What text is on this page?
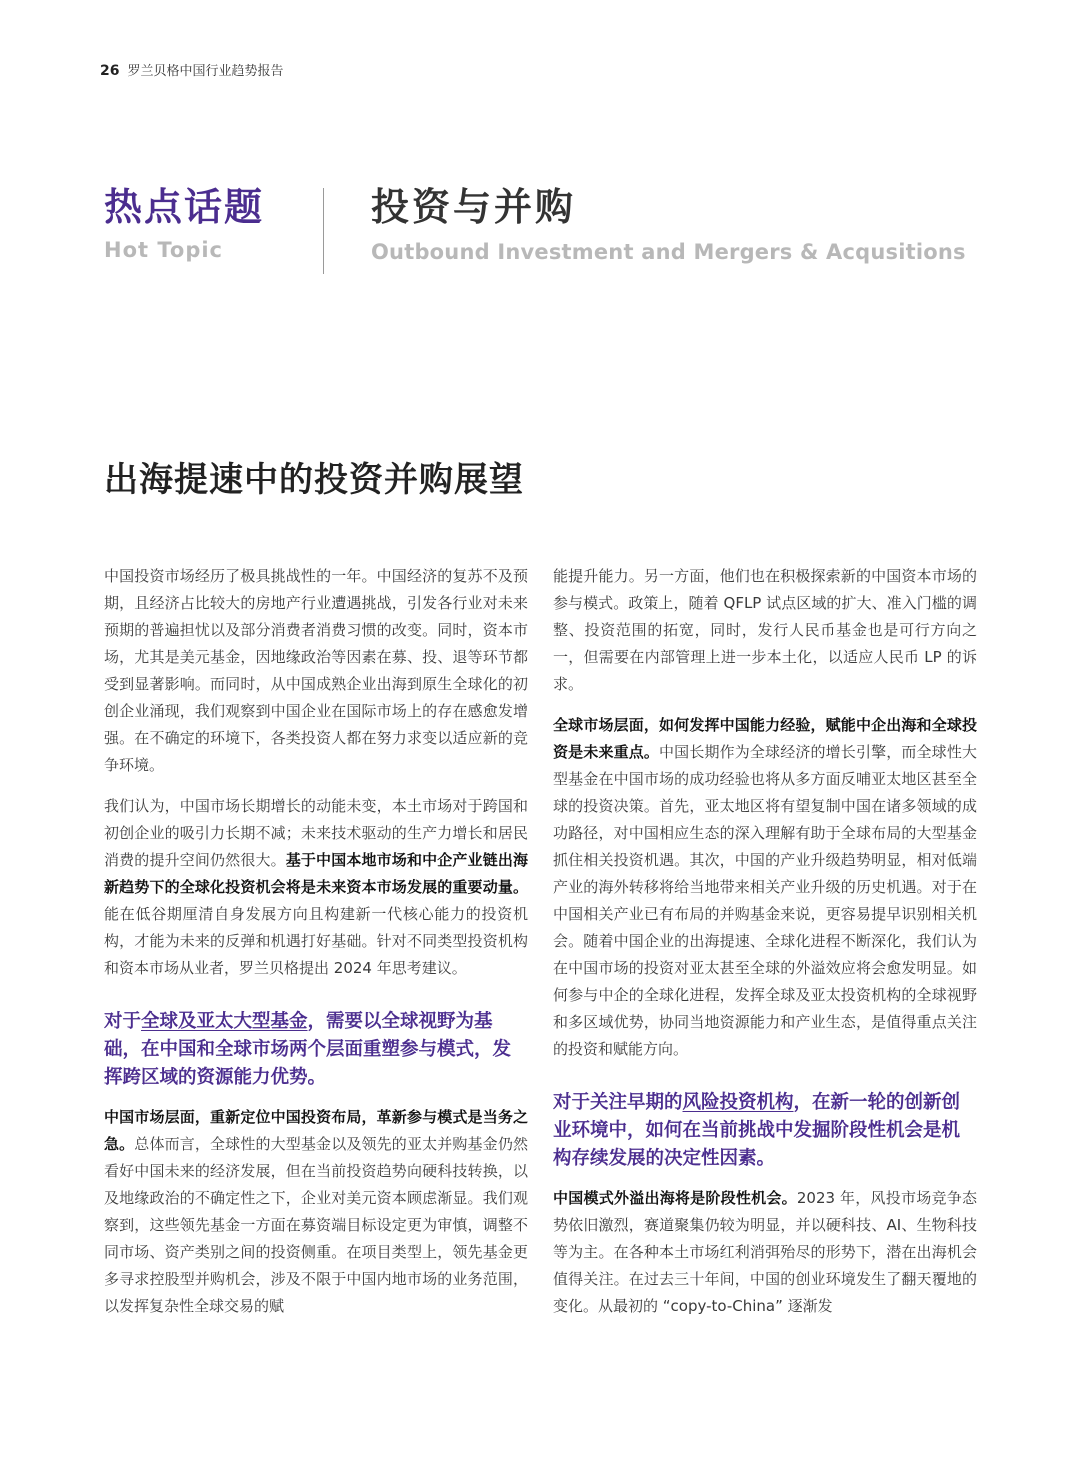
26 罗兰贝格中国行业趋势报告
热点话题
Hot Topic
投资与并购
Outbound Investment and Mergers & Acqusitions
出海提速中的投资并购展望

中国投资市场经历了极具挑战性的一年。中国经济的复苏不及预期，且经济占比较大的房地产行业遭遇挑战，引发各行业对未来预期的普遍担忧以及部分消费者消费习惯的改变。同时，资本市场，尤其是美元基金，因地缘政治等因素在募、投、退等环节都受到显著影响。而同时，从中国成熟企业出海到原生全球化的初创企业涌现，我们观察到中国企业在国际市场上的存在感愈发增强。在不确定的环境下，各类投资人都在努力求变以适应新的竞争环境。

我们认为，中国市场长期增长的动能未变，本土市场对于跨国和初创企业的吸引力长期不减；未来技术驱动的生产力增长和居民消费的提升空间仍然很大。基于中国本地市场和中企产业链出海新趋势下的全球化投资机会将是未来资本市场发展的重要动量。能在低谷期厘清自身发展方向且构建新一代核心能力的投资机构，才能为未来的反弹和机遇打好基础。针对不同类型投资机构和资本市场从业者，罗兰贝格提出 2024 年思考建议。

对于全球及亚太大型基金，需要以全球视野为基础，在中国和全球市场两个层面重塑参与模式，发挥跨区域的资源能力优势。

中国市场层面，重新定位中国投资布局，革新参与模式是当务之急。总体而言，全球性的大型基金以及领先的亚太并购基金仍然看好中国未来的经济发展，但在当前投资趋势向硬科技转换，以及地缘政治的不确定性之下，企业对美元资本顾虑渐显。我们观察到，这些领先基金一方面在募资端目标设定更为审慎，调整不同市场、资产类别之间的投资侧重。在项目类型上，领先基金更多寻求控股型并购机会，涉及不限于中国内地市场的业务范围，以发挥复杂性全球交易的赋

能提升能力。另一方面，他们也在积极探索新的中国资本市场的参与模式。政策上，随着 QFLP 试点区域的扩大、准入门槛的调整、投资范围的拓宽，同时，发行人民币基金也是可行方向之一，但需要在内部管理上进一步本土化，以适应人民币 LP 的诉求。

全球市场层面，如何发挥中国能力经验，赋能中企出海和全球投资是未来重点。中国长期作为全球经济的增长引擎，而全球性大型基金在中国市场的成功经验也将从多方面反哺亚太地区甚至全球的投资决策。首先，亚太地区将有望复制中国在诸多领域的成功路径，对中国相应生态的深入理解有助于全球布局的大型基金抓住相关投资机遇。其次，中国的产业升级趋势明显，相对低端产业的海外转移将给当地带来相关产业升级的历史机遇。对于在中国相关产业已有布局的并购基金来说，更容易提早识别相关机会。随着中国企业的出海提速、全球化进程不断深化，我们认为在中国市场的投资对亚太甚至全球的外溢效应将会愈发明显。如何参与中企的全球化进程，发挥全球及亚太投资机构的全球视野和多区域优势，协同当地资源能力和产业生态，是值得重点关注的投资和赋能方向。

对于关注早期的风险投资机构，在新一轮的创新创业环境中，如何在当前挑战中发掘阶段性机会是机构存续发展的决定性因素。

中国模式外溢出海将是阶段性机会。2023 年，风投市场竞争态势依旧激烈，赛道聚集仍较为明显，并以硬科技、AI、生物科技等为主。在各种本土市场红利消弭殆尽的形势下，潜在出海机会值得关注。在过去三十年间，中国的创业环境发生了翻天覆地的变化。从最初的 “copy-to-China” 逐渐发
